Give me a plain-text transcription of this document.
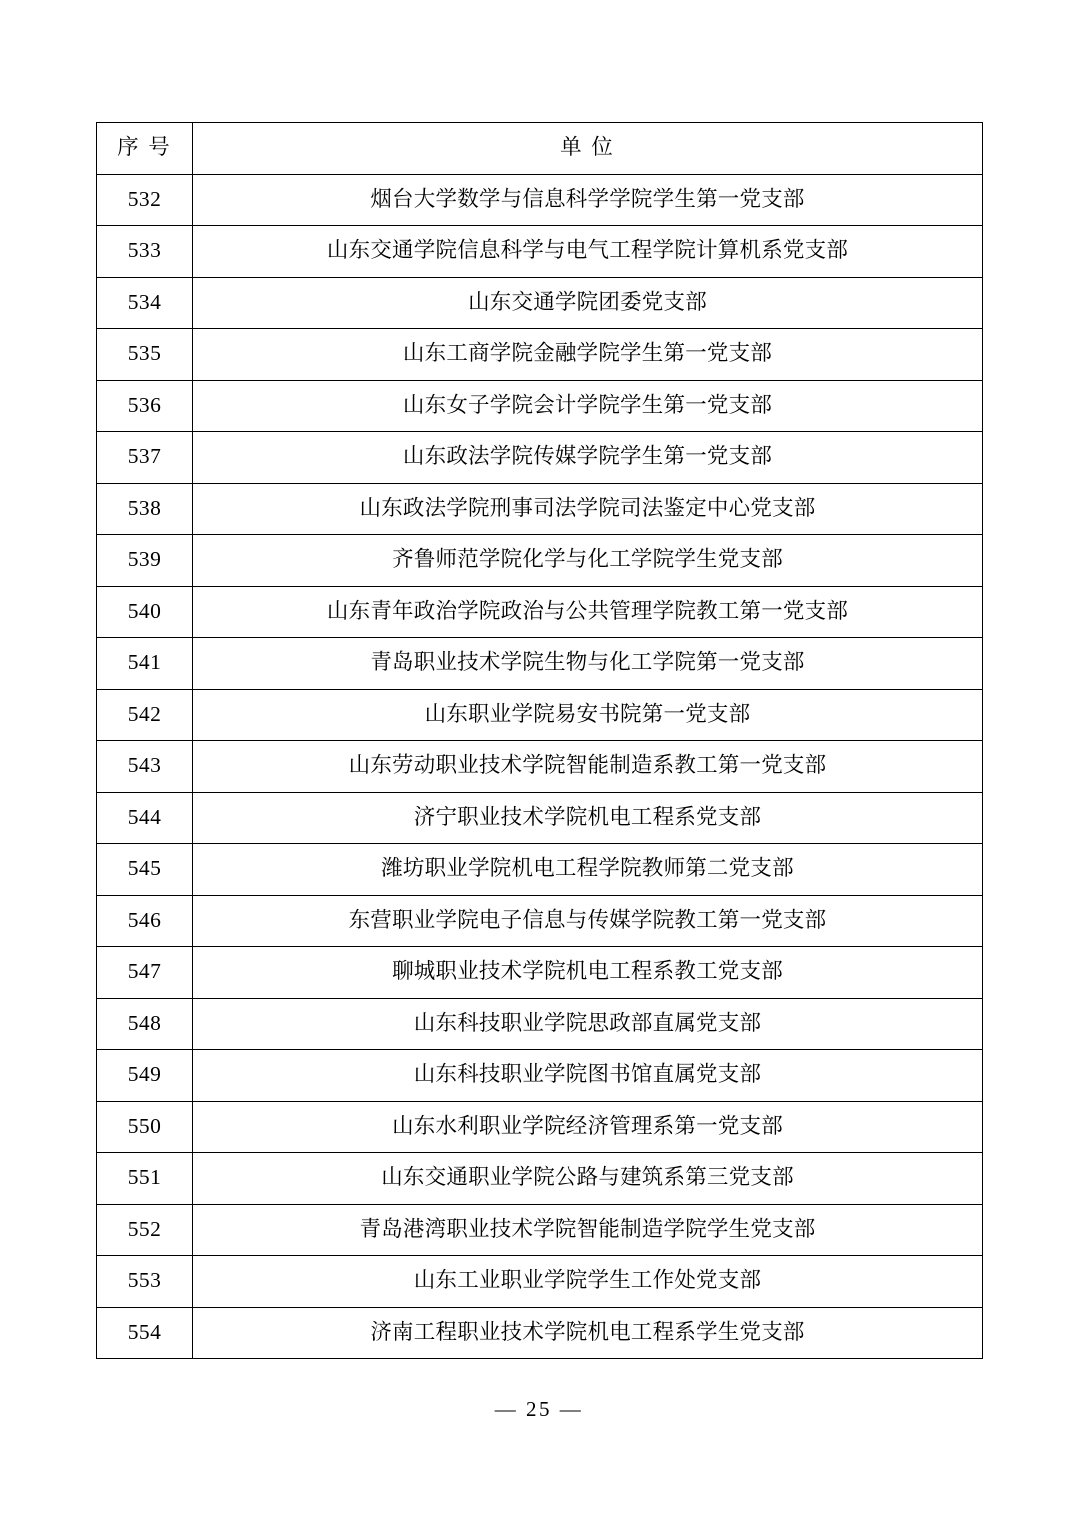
序 号	单 位
532	烟台大学数学与信息科学学院学生第一党支部
533	山东交通学院信息科学与电气工程学院计算机系党支部
534	山东交通学院团委党支部
535	山东工商学院金融学院学生第一党支部
536	山东女子学院会计学院学生第一党支部
537	山东政法学院传媒学院学生第一党支部
538	山东政法学院刑事司法学院司法鉴定中心党支部
539	齐鲁师范学院化学与化工学院学生党支部
540	山东青年政治学院政治与公共管理学院教工第一党支部
541	青岛职业技术学院生物与化工学院第一党支部
542	山东职业学院易安书院第一党支部
543	山东劳动职业技术学院智能制造系教工第一党支部
544	济宁职业技术学院机电工程系党支部
545	潍坊职业学院机电工程学院教师第二党支部
546	东营职业学院电子信息与传媒学院教工第一党支部
547	聊城职业技术学院机电工程系教工党支部
548	山东科技职业学院思政部直属党支部
549	山东科技职业学院图书馆直属党支部
550	山东水利职业学院经济管理系第一党支部
551	山东交通职业学院公路与建筑系第三党支部
552	青岛港湾职业技术学院智能制造学院学生党支部
553	山东工业职业学院学生工作处党支部
554	济南工程职业技术学院机电工程系学生党支部
— 25 —
